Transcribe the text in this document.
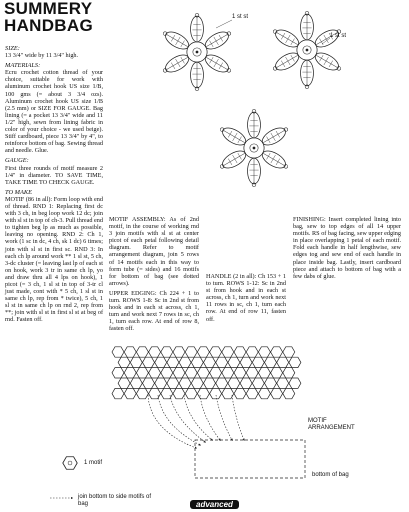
SUMMERY
HANDBAG

SIZE:
13 3/4" wide by 11 3/4" high.

MATERIALS:
Ecru crochet cotton thread of your choice, suitable for work with aluminum crochet hook US size 1/B, 100 gms (= about 3 3/4 ozs). Aluminum crochet hook US size 1/B (2.5 mm) or SIZE FOR GAUGE. Bag lining (= a pocket 13 3/4" wide and 11 1/2" high, sewn from lining fabric in color of your choice - we used beige). Stiff cardboard, piece 13 3/4" by 4", to reinforce bottom of bag. Sewing thread and needle. Glue.

GAUGE:
First three rounds of motif measure 2 1/4" in diameter. TO SAVE TIME, TAKE TIME TO CHECK GAUGE.

TO MAKE
MOTIF (86 in all): Form loop with end of thread. RND 1: Replacing first dc with 3 ch, in beg loop work 12 dc; join with sl st in top of ch-3. Pull thread end to tighten beg lp as much as possible, leaving no opening. RND 2: Ch 1, work (1 sc in dc, 4 ch, sk 1 dc) 6 times; join with sl st in first sc. RND 3: In each ch lp around work ** 1 sl st, 5 ch, 3-dc cluster (= leaving last lp of each st on hook, work 3 tr in same ch lp, yo and draw thru all 4 lps on hook), 1 picot (= 3 ch, 1 sl st in top of 3-tr cl just made, cont with * 5 ch, 1 sl st in same ch lp, rep from * twice), 5 ch, 1 sl st in same ch lp on rnd 2, rep from **; join with sl st in first sl st at beg of rnd. Fasten off.

MOTIF ASSEMBLY: As of 2nd motif, in the course of working rnd 3 join motifs with sl st at center picot of each petal following detail diagram. Refer to motif arrangement diagram, join 5 rows of 14 motifs each in this way to form tube (= sides) and 16 motifs for bottom of bag (see dotted arrows).

UPPER EDGING: Ch 224 + 1 to turn. ROWS 1-8: Sc in 2nd st from hook and in each st across, ch 1, turn and work next 7 rows in sc, ch 1, turn each row. At end of row 8, fasten off.

HANDLE (2 in all): Ch 153 + 1 to turn. ROWS 1-12: Sc in 2nd st from hook and in each st across, ch 1, turn and work next 11 rows in sc, ch 1, turn each row. At end of row 11, fasten off.

FINISHING: Insert completed lining into bag, sew to top edges of all 14 upper motifs. RS of bag facing, sew upper edging in place overlapping 1 petal of each motif. Fold each handle in half lengthwise, sew edges tog and sew end of each handle in place inside bag. Lastly, insert cardboard piece and attach to bottom of bag with a few dabs of glue.

1 st st
1 st st
MOTIF ARRANGEMENT
1 motif
bottom of bag
join bottom to side motifs of bag	advanced
